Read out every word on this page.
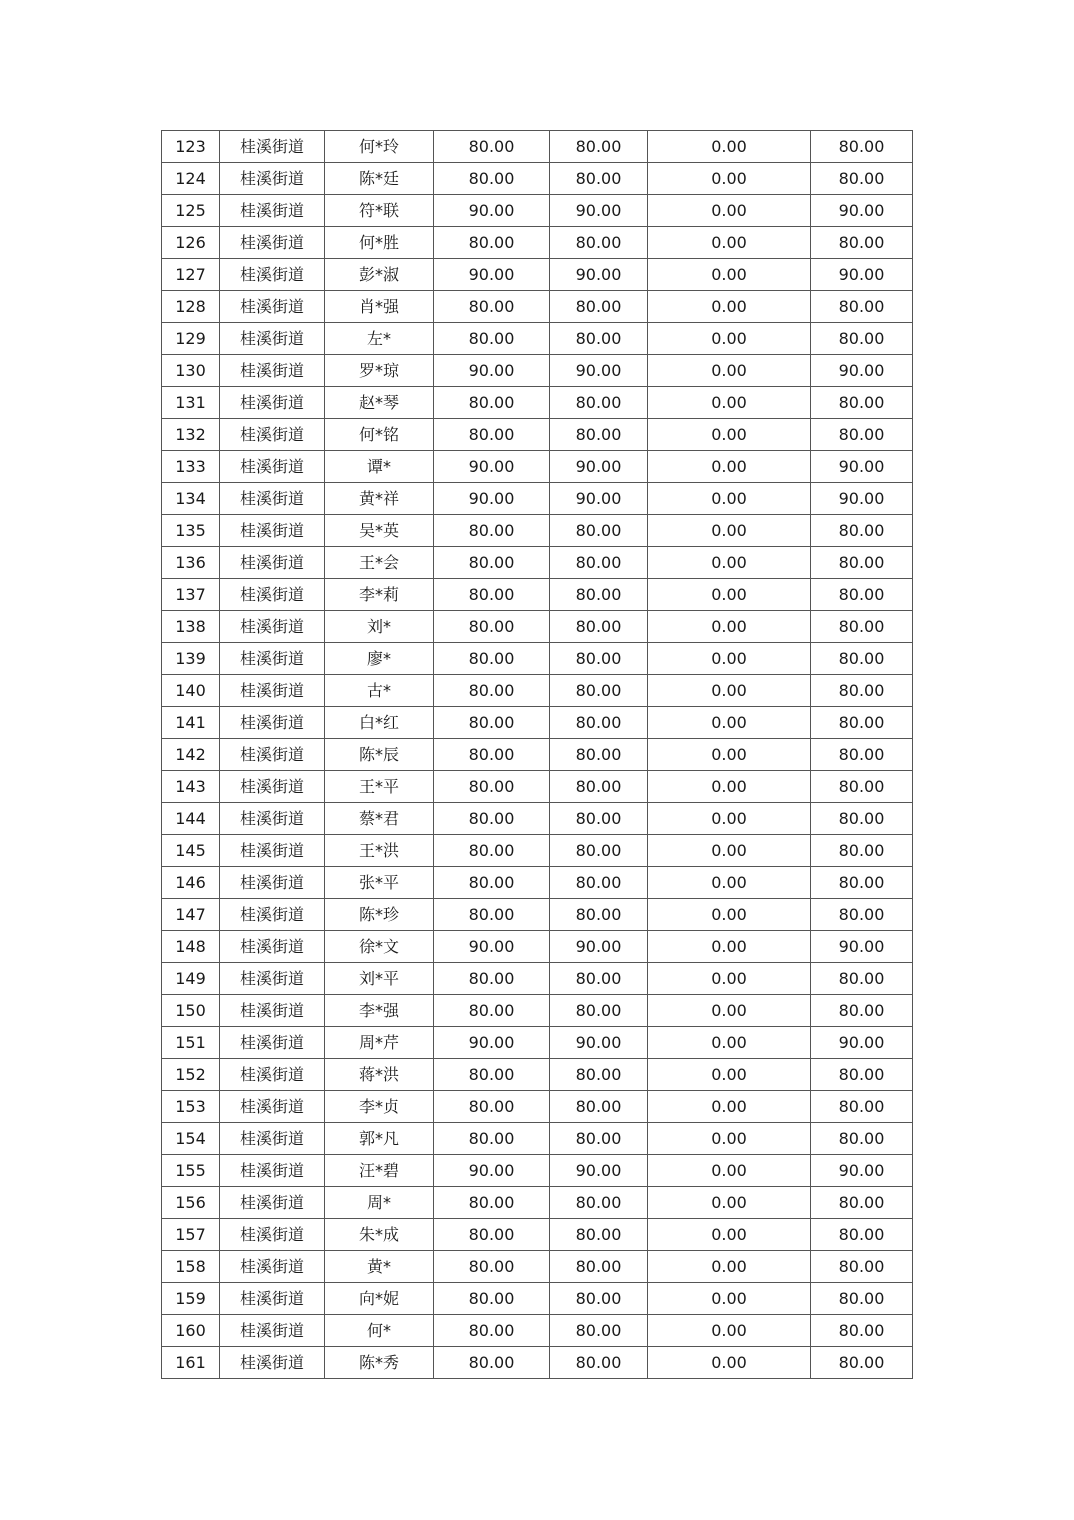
123	桂溪街道	何*玲	80.00	80.00	0.00	80.00
124	桂溪街道	陈*廷	80.00	80.00	0.00	80.00
125	桂溪街道	符*联	90.00	90.00	0.00	90.00
126	桂溪街道	何*胜	80.00	80.00	0.00	80.00
127	桂溪街道	彭*淑	90.00	90.00	0.00	90.00
128	桂溪街道	肖*强	80.00	80.00	0.00	80.00
129	桂溪街道	左*	80.00	80.00	0.00	80.00
130	桂溪街道	罗*琼	90.00	90.00	0.00	90.00
131	桂溪街道	赵*琴	80.00	80.00	0.00	80.00
132	桂溪街道	何*铭	80.00	80.00	0.00	80.00
133	桂溪街道	谭*	90.00	90.00	0.00	90.00
134	桂溪街道	黄*祥	90.00	90.00	0.00	90.00
135	桂溪街道	吴*英	80.00	80.00	0.00	80.00
136	桂溪街道	王*会	80.00	80.00	0.00	80.00
137	桂溪街道	李*莉	80.00	80.00	0.00	80.00
138	桂溪街道	刘*	80.00	80.00	0.00	80.00
139	桂溪街道	廖*	80.00	80.00	0.00	80.00
140	桂溪街道	古*	80.00	80.00	0.00	80.00
141	桂溪街道	白*红	80.00	80.00	0.00	80.00
142	桂溪街道	陈*辰	80.00	80.00	0.00	80.00
143	桂溪街道	王*平	80.00	80.00	0.00	80.00
144	桂溪街道	蔡*君	80.00	80.00	0.00	80.00
145	桂溪街道	王*洪	80.00	80.00	0.00	80.00
146	桂溪街道	张*平	80.00	80.00	0.00	80.00
147	桂溪街道	陈*珍	80.00	80.00	0.00	80.00
148	桂溪街道	徐*文	90.00	90.00	0.00	90.00
149	桂溪街道	刘*平	80.00	80.00	0.00	80.00
150	桂溪街道	李*强	80.00	80.00	0.00	80.00
151	桂溪街道	周*芹	90.00	90.00	0.00	90.00
152	桂溪街道	蒋*洪	80.00	80.00	0.00	80.00
153	桂溪街道	李*贞	80.00	80.00	0.00	80.00
154	桂溪街道	郭*凡	80.00	80.00	0.00	80.00
155	桂溪街道	汪*碧	90.00	90.00	0.00	90.00
156	桂溪街道	周*	80.00	80.00	0.00	80.00
157	桂溪街道	朱*成	80.00	80.00	0.00	80.00
158	桂溪街道	黄*	80.00	80.00	0.00	80.00
159	桂溪街道	向*妮	80.00	80.00	0.00	80.00
160	桂溪街道	何*	80.00	80.00	0.00	80.00
161	桂溪街道	陈*秀	80.00	80.00	0.00	80.00
